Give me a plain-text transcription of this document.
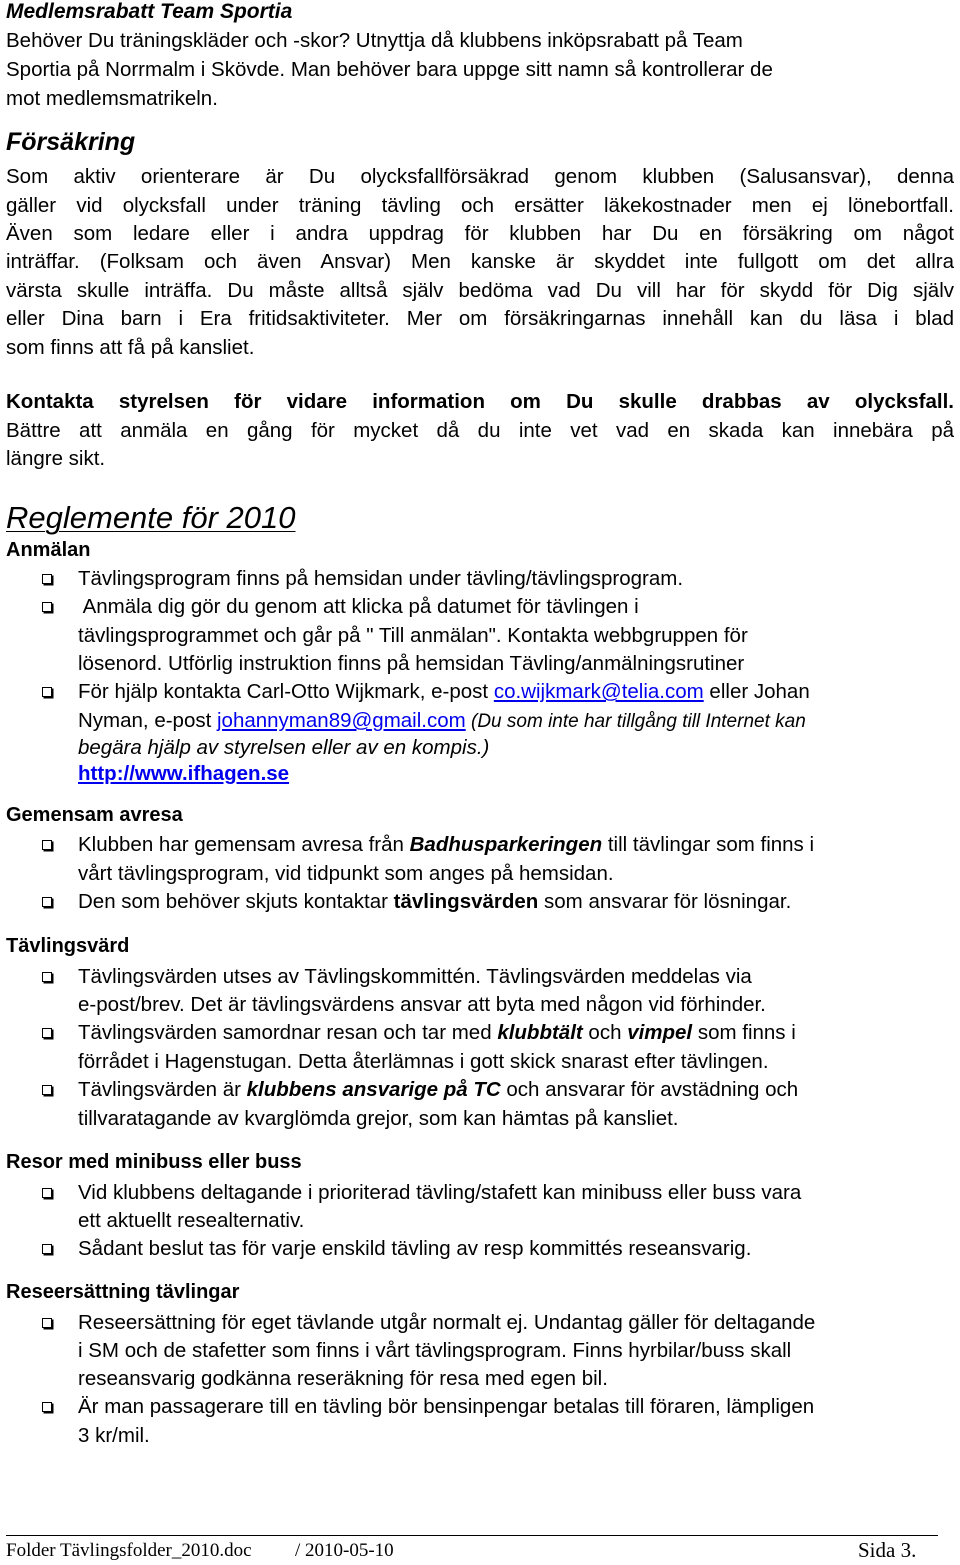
Medlemsrabatt Team Sportia
Behöver Du träningskläder och -skor? Utnyttja då klubbens inköpsrabatt på Team
Sportia på Norrmalm i Skövde. Man behöver bara uppge sitt namn så kontrollerar de
mot medlemsmatrikeln.
Försäkring
Som aktiv orienterare är Du olycksfallförsäkrad genom klubben (Salusansvar), denna
gäller vid olycksfall under träning tävling och ersätter läkekostnader men ej lönebortfall.
Även som ledare eller i andra uppdrag för klubben har Du en försäkring om något
inträffar. (Folksam och även Ansvar) Men kanske är skyddet inte fullgott om det allra
värsta skulle inträffa. Du måste alltså själv bedöma vad Du vill har för skydd för Dig själv
eller Dina barn i Era fritidsaktiviteter. Mer om försäkringarnas innehåll kan du läsa i blad
som finns att få på kansliet.
Kontakta styrelsen för vidare information om Du skulle drabbas av olycksfall.
Bättre att anmäla en gång för mycket då du inte vet vad en skada kan innebära på
längre sikt.
Reglemente för 2010
Anmälan
Tävlingsprogram finns på hemsidan under tävling/tävlingsprogram.
Anmäla dig gör du genom att klicka på datumet för tävlingen i
tävlingsprogrammet och går på " Till anmälan". Kontakta webbgruppen för
lösenord. Utförlig instruktion finns på hemsidan Tävling/anmälningsrutiner
För hjälp kontakta Carl-Otto Wijkmark, e-post co.wijkmark@telia.com eller Johan
Nyman, e-post johannyman89@gmail.com (Du som inte har tillgång till Internet kan
begära hjälp av styrelsen eller av en kompis.)
http://www.ifhagen.se
Gemensam avresa
Klubben har gemensam avresa från Badhusparkeringen till tävlingar som finns i
vårt tävlingsprogram, vid tidpunkt som anges på hemsidan.
Den som behöver skjuts kontaktar tävlingsvärden som ansvarar för lösningar.
Tävlingsvärd
Tävlingsvärden utses av Tävlingskommittén. Tävlingsvärden meddelas via
e-post/brev. Det är tävlingsvärdens ansvar att byta med någon vid förhinder.
Tävlingsvärden samordnar resan och tar med klubbtält och vimpel som finns i
förrådet i Hagenstugan. Detta återlämnas i gott skick snarast efter tävlingen.
Tävlingsvärden är klubbens ansvarige på TC och ansvarar för avstädning och
tillvaratagande av kvarglömda grejor, som kan hämtas på kansliet.
Resor med minibuss eller buss
Vid klubbens deltagande i prioriterad tävling/stafett kan minibuss eller buss vara
ett aktuellt resealternativ.
Sådant beslut tas för varje enskild tävling av resp kommittés reseansvarig.
Reseersättning tävlingar
Reseersättning för eget tävlande utgår normalt ej. Undantag gäller för deltagande
i SM och de stafetter som finns i vårt tävlingsprogram. Finns hyrbilar/buss skall
reseansvarig godkänna reseräkning för resa med egen bil.
Är man passagerare till en tävling bör bensinpengar betalas till föraren, lämpligen
3 kr/mil.
Folder Tävlingsfolder_2010.doc / 2010-05-10	Sida 3.
